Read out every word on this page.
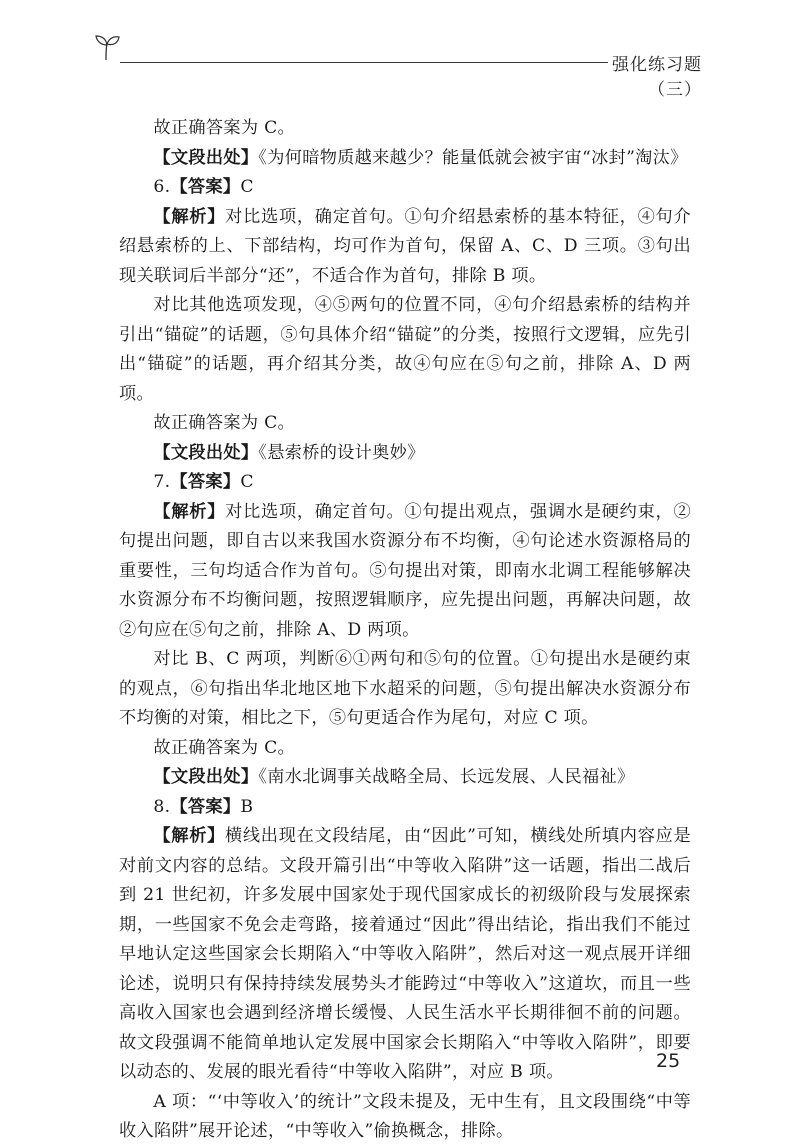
强化练习题（三）

故正确答案为 C。

【文段出处】《为何暗物质越来越少？能量低就会被宇宙“冰封”淘汰》

6.【答案】C

【解析】对比选项，确定首句。①句介绍悬索桥的基本特征，④句介绍悬索桥的上、下部结构，均可作为首句，保留 A、C、D 三项。③句出现关联词后半部分“还”，不适合作为首句，排除 B 项。

对比其他选项发现，④⑤两句的位置不同，④句介绍悬索桥的结构并引出“锚碇”的话题，⑤句具体介绍“锚碇”的分类，按照行文逻辑，应先引出“锚碇”的话题，再介绍其分类，故④句应在⑤句之前，排除 A、D 两项。

故正确答案为 C。

【文段出处】《悬索桥的设计奥妙》

7.【答案】C

【解析】对比选项，确定首句。①句提出观点，强调水是硬约束，②句提出问题，即自古以来我国水资源分布不均衡，④句论述水资源格局的重要性，三句均适合作为首句。⑤句提出对策，即南水北调工程能够解决水资源分布不均衡问题，按照逻辑顺序，应先提出问题，再解决问题，故②句应在⑤句之前，排除 A、D 两项。

对比 B、C 两项，判断⑥①两句和⑤句的位置。①句提出水是硬约束的观点，⑥句指出华北地区地下水超采的问题，⑤句提出解决水资源分布不均衡的对策，相比之下，⑤句更适合作为尾句，对应 C 项。

故正确答案为 C。

【文段出处】《南水北调事关战略全局、长远发展、人民福祉》

8.【答案】B

【解析】横线出现在文段结尾，由“因此”可知，横线处所填内容应是对前文内容的总结。文段开篇引出“中等收入陷阱”这一话题，指出二战后到 21 世纪初，许多发展中国家处于现代国家成长的初级阶段与发展探索期，一些国家不免会走弯路，接着通过“因此”得出结论，指出我们不能过早地认定这些国家会长期陷入“中等收入陷阱”，然后对这一观点展开详细论述，说明只有保持持续发展势头才能跨过“中等收入”这道坎，而且一些高收入国家也会遇到经济增长缓慢、人民生活水平长期徘徊不前的问题。故文段强调不能简单地认定发展中国家会长期陷入“中等收入陷阱”，即要以动态的、发展的眼光看待“中等收入陷阱”，对应 B 项。

A 项：“‘中等收入’的统计”文段未提及，无中生有，且文段围绕“中等收入陷阱”展开论述，“中等收入”偷换概念，排除。

25
